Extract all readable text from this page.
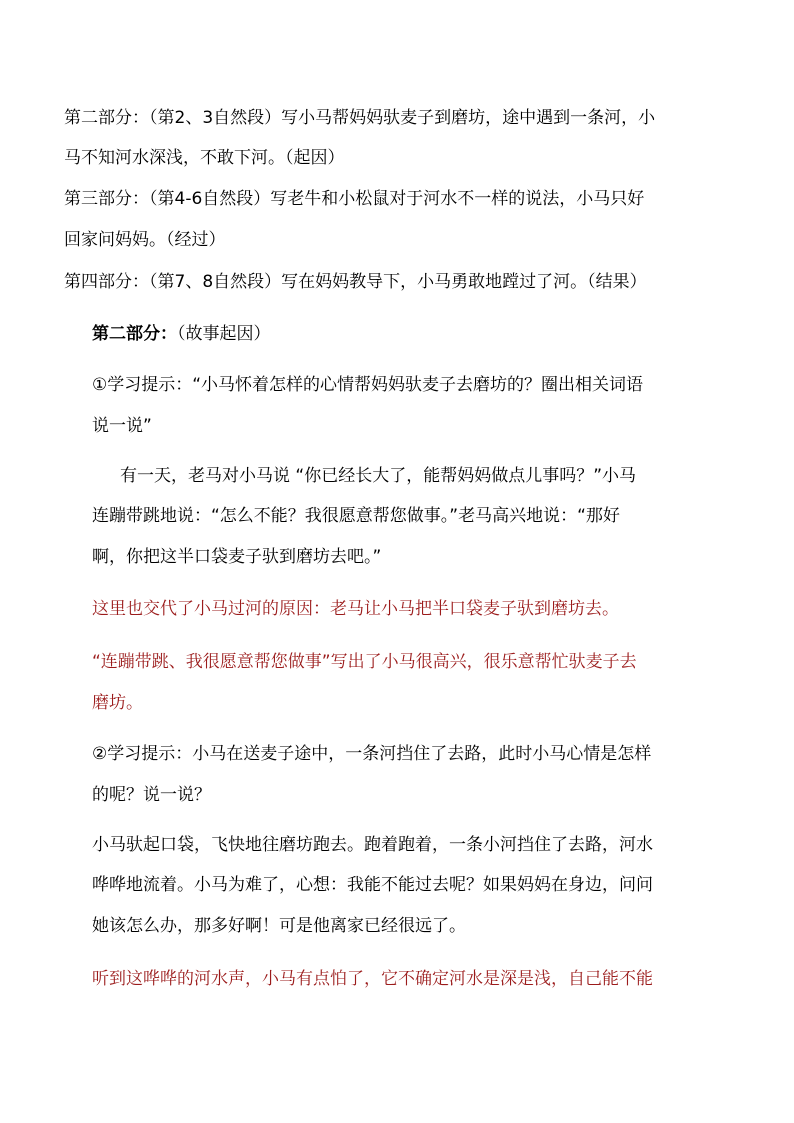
第二部分：（第2、3自然段）写小马帮妈妈驮麦子到磨坊，途中遇到一条河，小
马不知河水深浅，不敢下河。（起因）
第三部分：（第4-6自然段）写老牛和小松鼠对于河水不一样的说法，小马只好
回家问妈妈。（经过）
第四部分：（第7、8自然段）写在妈妈教导下，小马勇敢地蹚过了河。（结果）
第二部分：（故事起因）
①学习提示：“小马怀着怎样的心情帮妈妈驮麦子去磨坊的？圈出相关词语
说一说”
有一天，老马对小马说 “你已经长大了，能帮妈妈做点儿事吗？”小马
连蹦带跳地说：“怎么不能？我很愿意帮您做事。”老马高兴地说：“那好
啊，你把这半口袋麦子驮到磨坊去吧。”
这里也交代了小马过河的原因：老马让小马把半口袋麦子驮到磨坊去。
“连蹦带跳、我很愿意帮您做事”写出了小马很高兴，很乐意帮忙驮麦子去
磨坊。
②学习提示：小马在送麦子途中，一条河挡住了去路，此时小马心情是怎样
的呢？说一说？
小马驮起口袋，飞快地往磨坊跑去。跑着跑着，一条小河挡住了去路，河水
哗哗地流着。小马为难了，心想：我能不能过去呢？如果妈妈在身边，问问
她该怎么办，那多好啊！可是他离家已经很远了。
听到这哗哗的河水声，小马有点怕了，它不确定河水是深是浅，自己能不能
